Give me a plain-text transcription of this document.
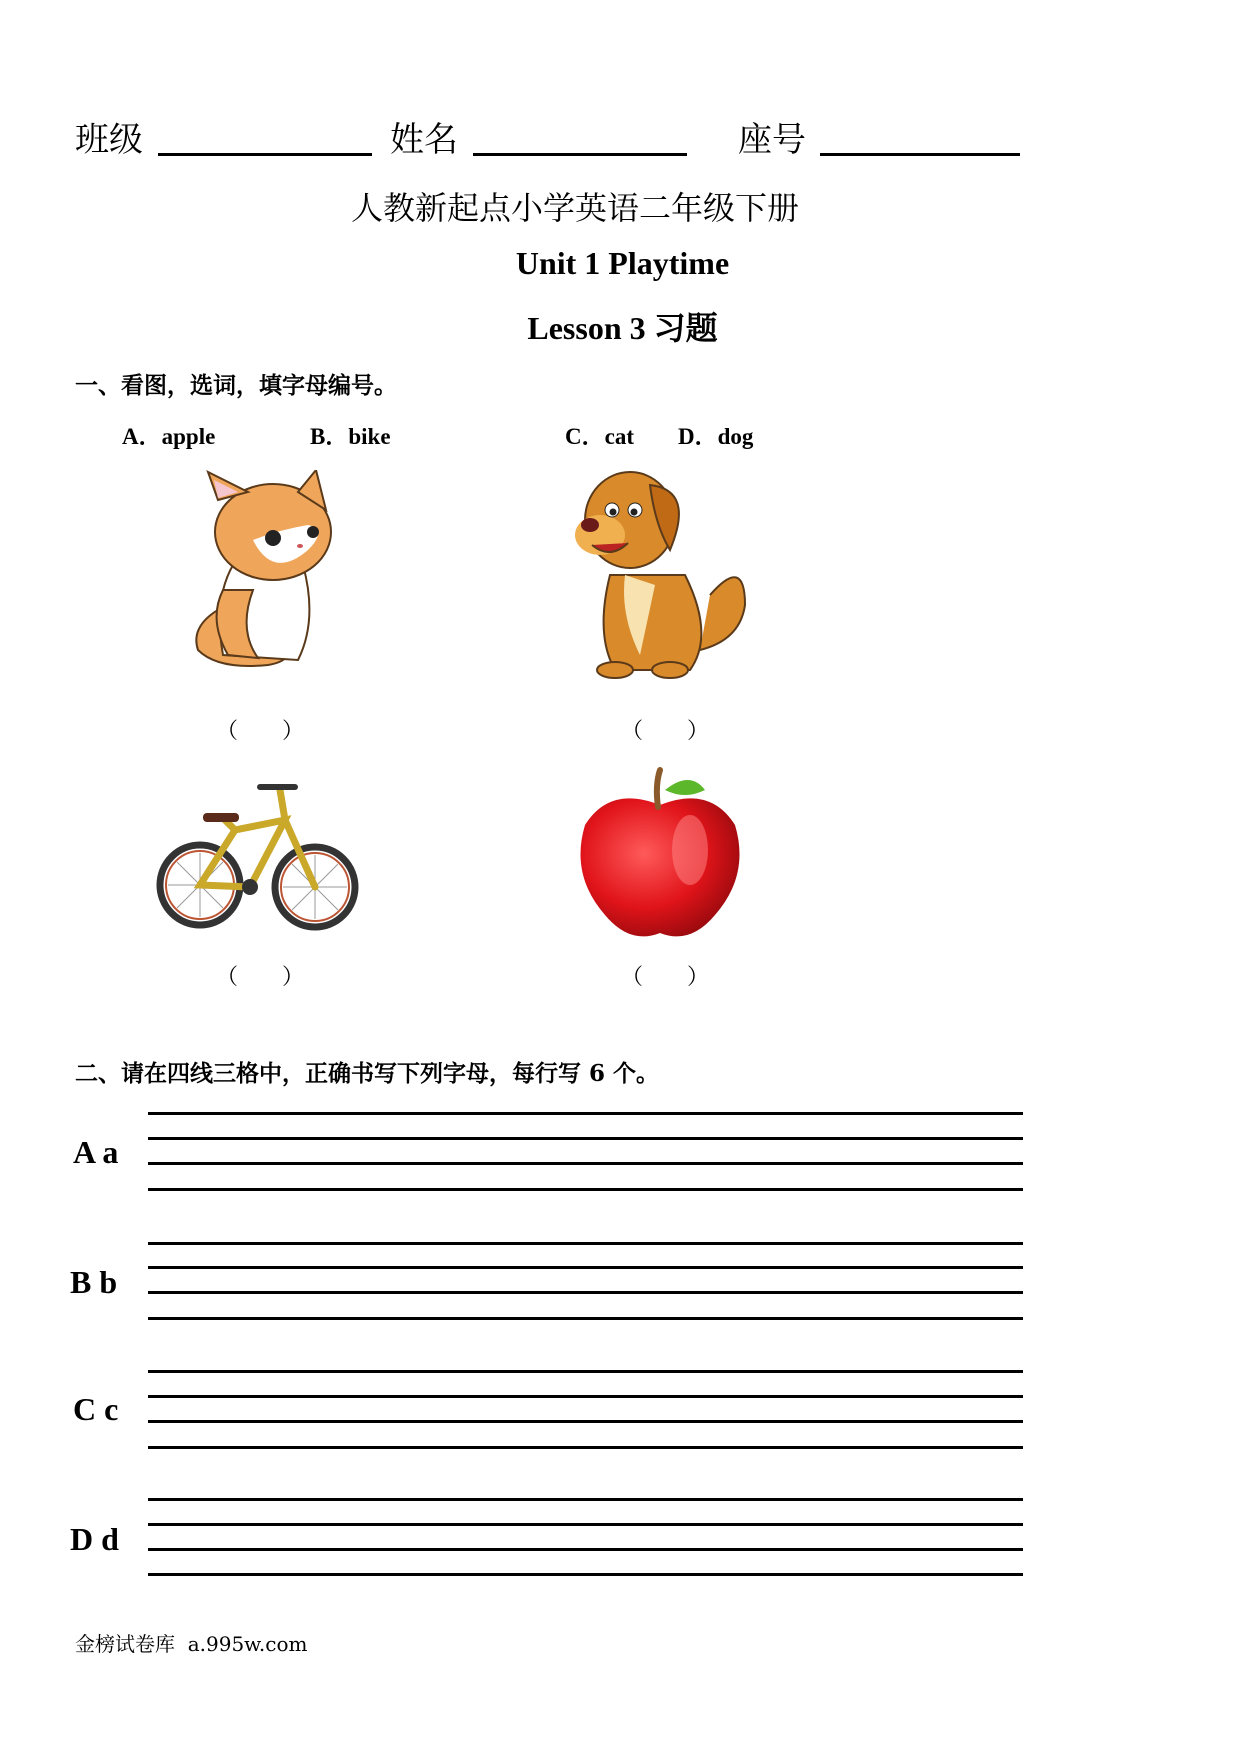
班级	姓名	座号
人教新起点小学英语二年级下册
Unit 1 Playtime
Lesson 3 习题
一、看图，选词，填字母编号。
A．apple	B．bike	C．cat D．dog
（　　）	（　　）
（　　）	（　　）
二、请在四线三格中，正确书写下列字母，每行写 6 个。
A a
B b
C c
D d
金榜试卷库  a.995w.com
